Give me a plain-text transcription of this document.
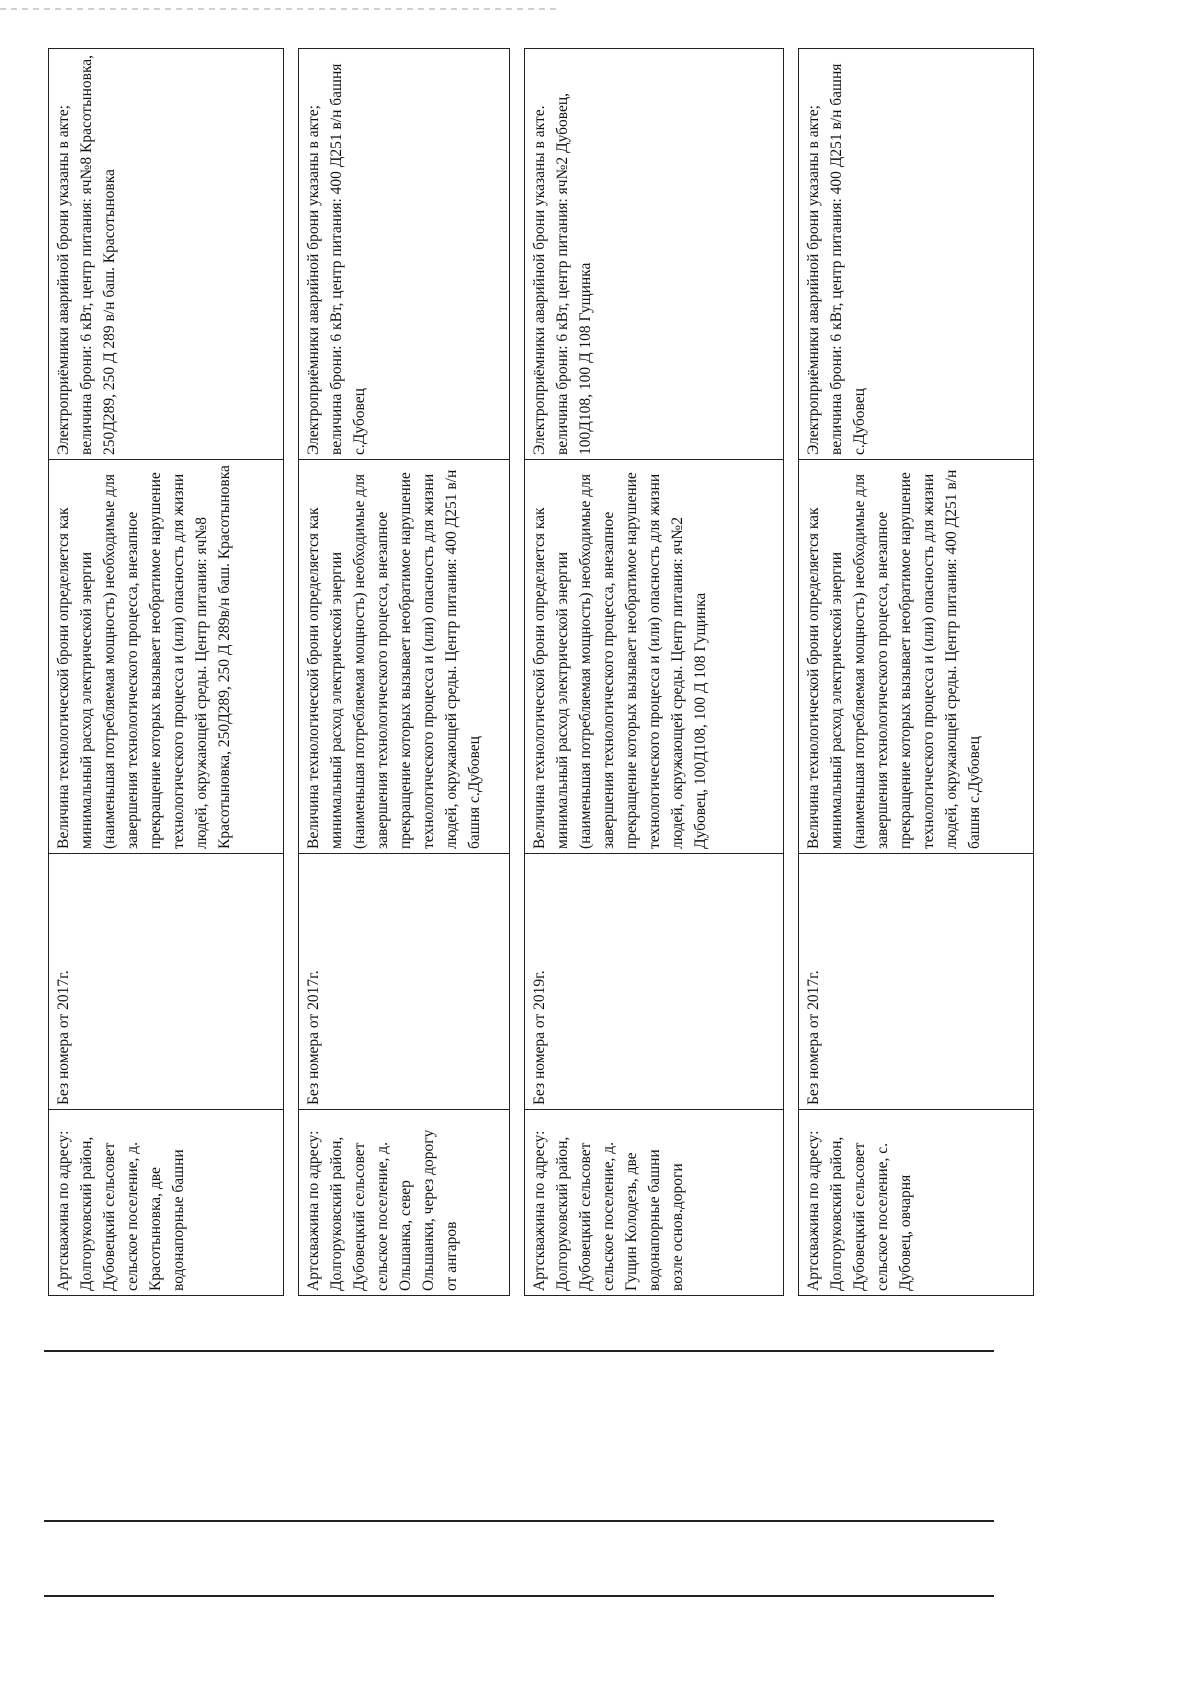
Артскважина по адресу: Долгоруковский район, Дубовецкий сельсовет сельское поселение, д. Красотыновка, две водонапорные башни
Без номера от 2017г.
Величина технологической брони определяется как минимальный расход электрической энергии (наименьшая потребляемая мощность) необходимые для завершения технологического процесса, внезапное прекращение которых вызывает необратимое нарушение технологического процесса и (или) опасность для жизни людей, окружающей среды. Центр питания: яч№8 Красотыновка, 250Д289, 250 Д 289в/н баш. Красотыновка
Электроприёмники аварийной брони указаны в акте; величина брони: 6 кВт, центр питания: яч№8 Красотыновка, 250Д289, 250 Д 289 в/н баш. Красотыновка
Артскважина по адресу: Долгоруковский район, Дубовецкий сельсовет сельское поселение, д. Ольшанка, север Ольшанки, через дорогу от ангаров
Без номера от 2017г.
Величина технологической брони определяется как минимальный расход электрической энергии (наименьшая потребляемая мощность) необходимые для завершения технологического процесса, внезапное прекращение которых вызывает необратимое нарушение технологического процесса и (или) опасность для жизни людей, окружающей среды. Центр питания: 400 Д251 в/н башня с.Дубовец
Электроприёмники аварийной брони указаны в акте; величина брони: 6 кВт, центр питания: 400 Д251 в/н башня с.Дубовец
Артскважина по адресу: Долгоруковский район, Дубовецкий сельсовет сельское поселение, д. Гущин Колодезь, две водонапорные башни возле основ.дороги
Без номера от 2019г.
Величина технологической брони определяется как минимальный расход электрической энергии (наименьшая потребляемая мощность) необходимые для завершения технологического процесса, внезапное прекращение которых вызывает необратимое нарушение технологического процесса и (или) опасность для жизни людей, окружающей среды. Центр питания: яч№2 Дубовец, 100Д108, 100 Д 108 Гущинка
Электроприёмники аварийной брони указаны в акте. величина брони: 6 кВт, центр питания: яч№2 Дубовец, 100Д108, 100 Д 108 Гущинка
Артскважина по адресу: Долгоруковский район, Дубовецкий сельсовет сельское поселение, с. Дубовец, овчарня
Без номера от 2017г.
Величина технологической брони определяется как минимальный расход электрической энергии (наименьшая потребляемая мощность) необходимые для завершения технологического процесса, внезапное прекращение которых вызывает необратимое нарушение технологического процесса и (или) опасность для жизни людей, окружающей среды. Центр питания: 400 Д251 в/н башня с.Дубовец
Электроприёмники аварийной брони указаны в акте; величина брони: 6 кВт, центр питания: 400 Д251 в/н башня с.Дубовец
